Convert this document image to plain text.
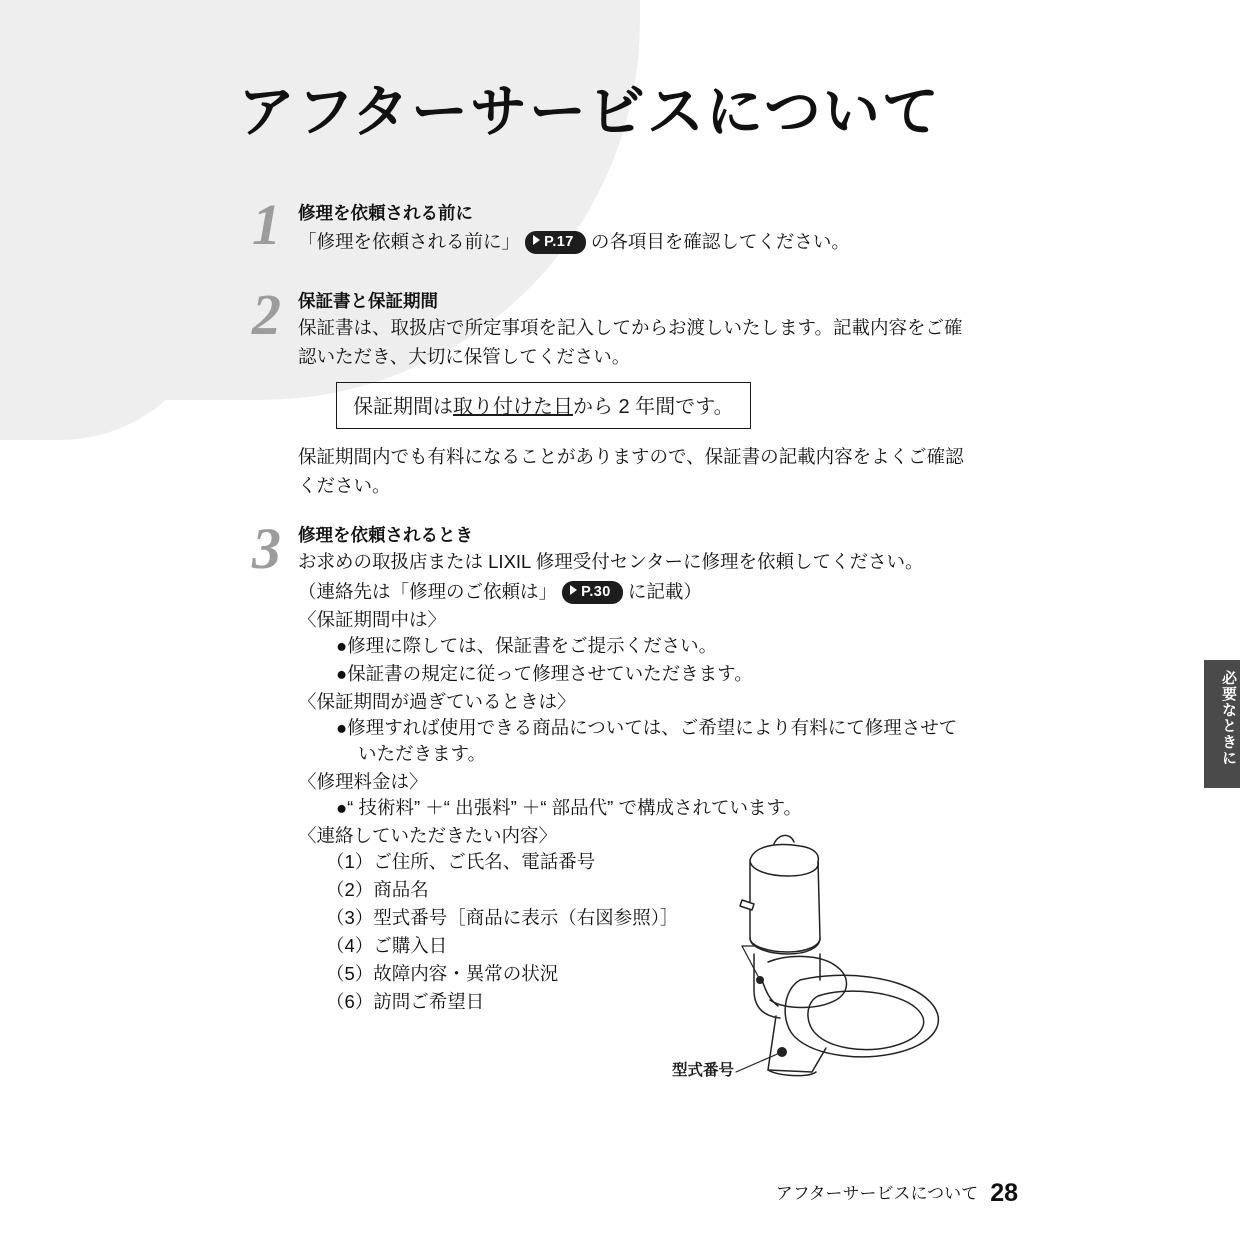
アフターサービスについて
1 修理を依頼される前に
「修理を依頼される前に」 P.17 の各項目を確認してください。
2 保証書と保証期間
保証書は、取扱店で所定事項を記入してからお渡しいたします。記載内容をご確認いただき、大切に保管してください。
保証期間は取り付けた日から 2 年間です。
保証期間内でも有料になることがありますので、保証書の記載内容をよくご確認ください。
3 修理を依頼されるとき
お求めの取扱店または LIXIL 修理受付センターに修理を依頼してください。
（連絡先は「修理のご依頼は」 P.30 に記載）
〈保証期間中は〉
●修理に際しては、保証書をご提示ください。
●保証書の規定に従って修理させていただきます。
〈保証期間が過ぎているときは〉
●修理すれば使用できる商品については、ご希望により有料にて修理させて
いただきます。
〈修理料金は〉
●“ 技術料” ＋“ 出張料” ＋“ 部品代” で構成されています。
〈連絡していただきたい内容〉
（1）ご住所、ご氏名、電話番号
（2）商品名
（3）型式番号［商品に表示（右図参照）］
（4）ご購入日
（5）故障内容・異常の状況
（6）訪問ご希望日
型式番号
必要なときに
アフターサービスについて 28
